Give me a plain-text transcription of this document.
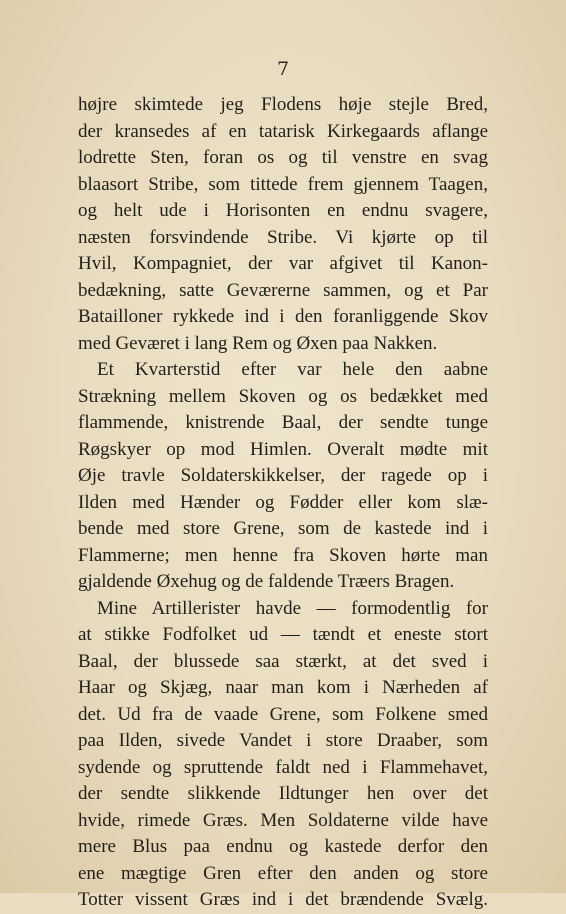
7
højre skimtede jeg Flodens høje stejle Bred,
der kransedes af en tatarisk Kirkegaards aflange
lodrette Sten, foran os og til venstre en svag
blaasort Stribe, som tittede frem gjennem Taagen,
og helt ude i Horisonten en endnu svagere,
næsten forsvindende Stribe. Vi kjørte op til
Hvil, Kompagniet, der var afgivet til Kanon-
bedækning, satte Geværerne sammen, og et Par
Batailloner rykkede ind i den foranliggende Skov
med Geværet i lang Rem og Øxen paa Nakken.
 Et Kvarterstid efter var hele den aabne
Strækning mellem Skoven og os bedækket med
flammende, knistrende Baal, der sendte tunge
Røgskyer op mod Himlen. Overalt mødte mit
Øje travle Soldaterskikkelser, der ragede op i
Ilden med Hænder og Fødder eller kom slæ-
bende med store Grene, som de kastede ind i
Flammerne; men henne fra Skoven hørte man
gjaldende Øxehug og de faldende Træers Bragen.
 Mine Artillerister havde — formodentlig for
at stikke Fodfolket ud — tændt et eneste stort
Baal, der blussede saa stærkt, at det sved i
Haar og Skjæg, naar man kom i Nærheden af
det. Ud fra de vaade Grene, som Folkene smed
paa Ilden, sivede Vandet i store Draaber, som
sydende og spruttende faldt ned i Flammehavet,
der sendte slikkende Ildtunger hen over det
hvide, rimede Græs. Men Soldaterne vilde have
mere Blus paa endnu og kastede derfor den
ene mægtige Gren efter den anden og store
Totter vissent Græs ind i det brændende Svælg.
